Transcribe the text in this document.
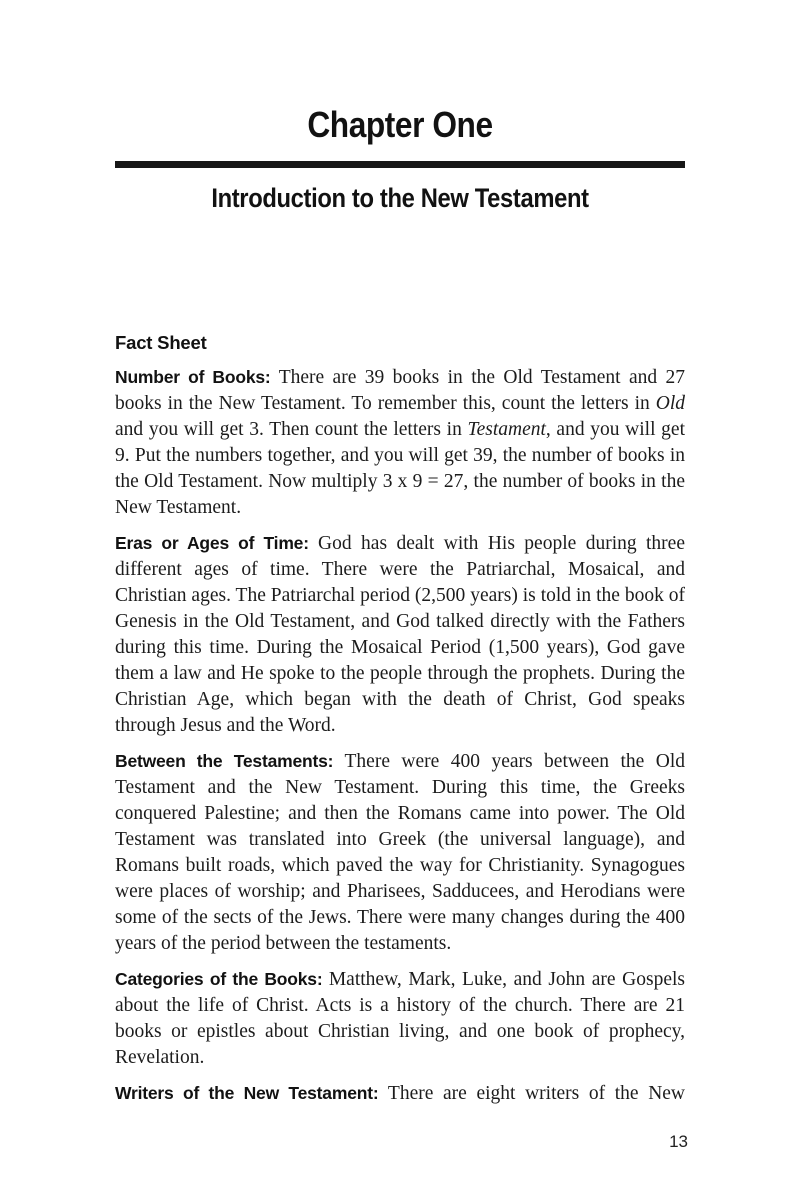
Chapter One
Introduction to the New Testament
Fact Sheet

Number of Books: There are 39 books in the Old Testament and 27 books in the New Testament. To remember this, count the letters in Old and you will get 3. Then count the letters in Testament, and you will get 9. Put the numbers together, and you will get 39, the number of books in the Old Testament. Now multiply 3 x 9 = 27, the number of books in the New Testament.

Eras or Ages of Time: God has dealt with His people during three different ages of time. There were the Patriarchal, Mosaical, and Christian ages. The Patriarchal period (2,500 years) is told in the book of Genesis in the Old Testament, and God talked directly with the Fathers during this time. During the Mosaical Period (1,500 years), God gave them a law and He spoke to the people through the prophets. During the Christian Age, which began with the death of Christ, God speaks through Jesus and the Word.

Between the Testaments: There were 400 years between the Old Testament and the New Testament. During this time, the Greeks conquered Palestine; and then the Romans came into power. The Old Testament was translated into Greek (the universal language), and Romans built roads, which paved the way for Christianity. Synagogues were places of worship; and Pharisees, Sadducees, and Herodians were some of the sects of the Jews. There were many changes during the 400 years of the period between the testaments.

Categories of the Books: Matthew, Mark, Luke, and John are Gospels about the life of Christ. Acts is a history of the church. There are 21 books or epistles about Christian living, and one book of prophecy, Revelation.

Writers of the New Testament: There are eight writers of the New

13
